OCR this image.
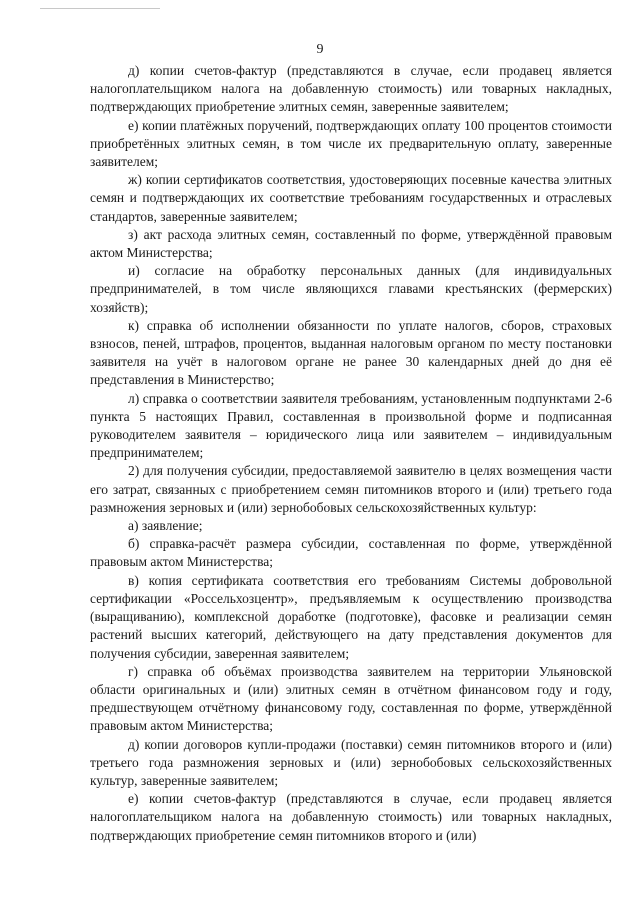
9

д) копии счетов-фактур (представляются в случае, если продавец является налогоплательщиком налога на добавленную стоимость) или товарных накладных, подтверждающих приобретение элитных семян, заверенные заявителем;

е) копии платёжных поручений, подтверждающих оплату 100 процентов стоимости приобретённых элитных семян, в том числе их предварительную оплату, заверенные заявителем;

ж) копии сертификатов соответствия, удостоверяющих посевные качества элитных семян и подтверждающих их соответствие требованиям государственных и отраслевых стандартов, заверенные заявителем;

з) акт расхода элитных семян, составленный по форме, утверждённой правовым актом Министерства;

и) согласие на обработку персональных данных (для индивидуальных предпринимателей, в том числе являющихся главами крестьянских (фермерских) хозяйств);

к) справка об исполнении обязанности по уплате налогов, сборов, страховых взносов, пеней, штрафов, процентов, выданная налоговым органом по месту постановки заявителя на учёт в налоговом органе не ранее 30 календарных дней до дня её представления в Министерство;

л) справка о соответствии заявителя требованиям, установленным подпунктами 2-6 пункта 5 настоящих Правил, составленная в произвольной форме и подписанная руководителем заявителя – юридического лица или заявителем – индивидуальным предпринимателем;

2) для получения субсидии, предоставляемой заявителю в целях возмещения части его затрат, связанных с приобретением семян питомников второго и (или) третьего года размножения зерновых и (или) зернобобовых сельскохозяйственных культур:

а) заявление;

б) справка-расчёт размера субсидии, составленная по форме, утверждённой правовым актом Министерства;

в) копия сертификата соответствия его требованиям Системы добровольной сертификации «Россельхозцентр», предъявляемым к осуществлению производства (выращиванию), комплексной доработке (подготовке), фасовке и реализации семян растений высших категорий, действующего на дату представления документов для получения субсидии, заверенная заявителем;

г) справка об объёмах производства заявителем на территории Ульяновской области оригинальных и (или) элитных семян в отчётном финансовом году и году, предшествующем отчётному финансовому году, составленная по форме, утверждённой правовым актом Министерства;

д) копии договоров купли-продажи (поставки) семян питомников второго и (или) третьего года размножения зерновых и (или) зернобобовых сельскохозяйственных культур, заверенные заявителем;

е) копии счетов-фактур (представляются в случае, если продавец является налогоплательщиком налога на добавленную стоимость) или товарных накладных, подтверждающих приобретение семян питомников второго и (или)
